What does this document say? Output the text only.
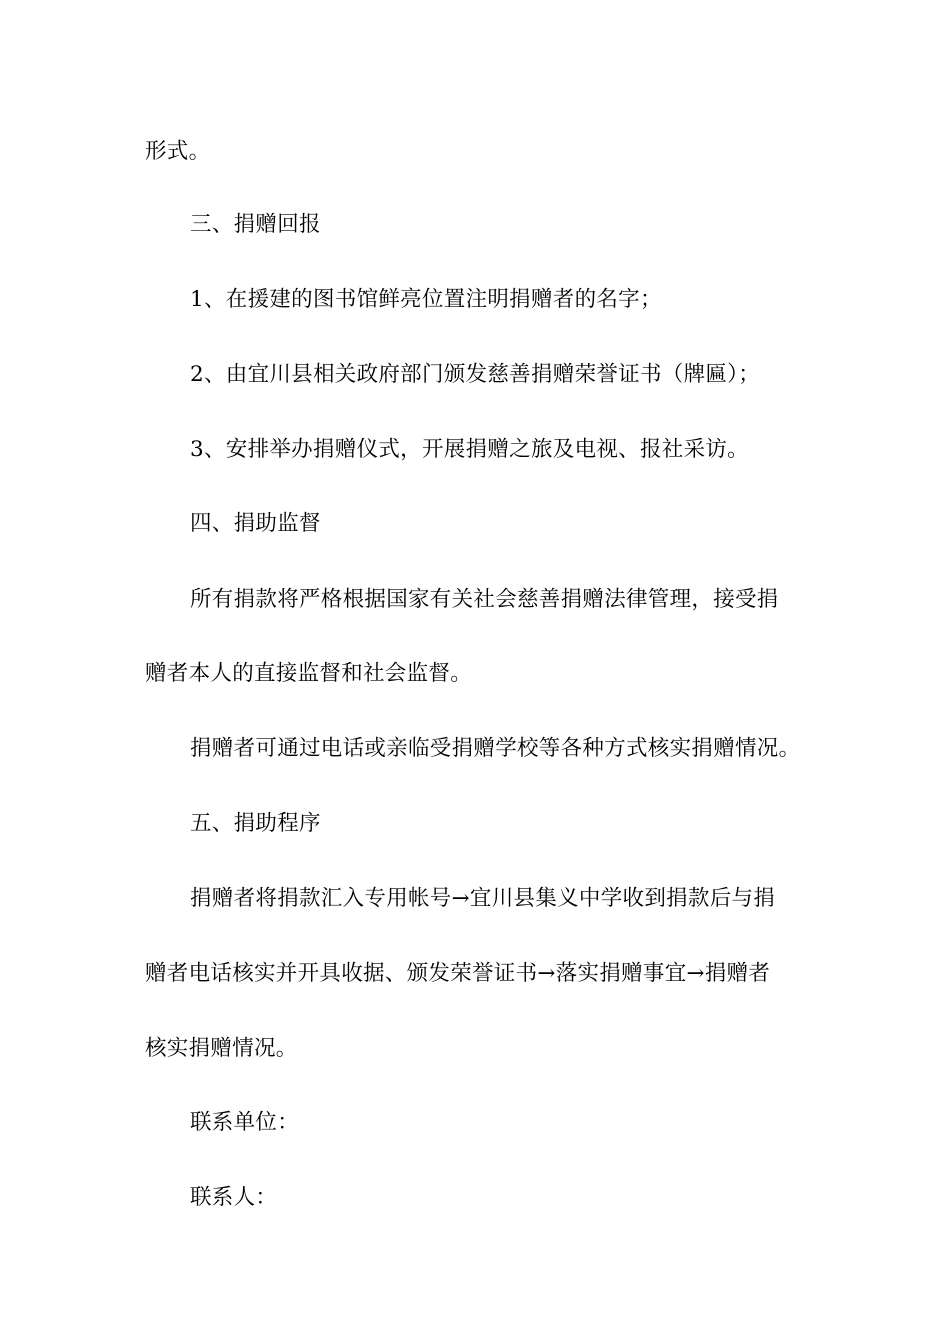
形式。
三、捐赠回报
1、在援建的图书馆鲜亮位置注明捐赠者的名字；
2、由宜川县相关政府部门颁发慈善捐赠荣誉证书（牌匾）；
3、安排举办捐赠仪式，开展捐赠之旅及电视、报社采访。
四、捐助监督
所有捐款将严格根据国家有关社会慈善捐赠法律管理，接受捐
赠者本人的直接监督和社会监督。
捐赠者可通过电话或亲临受捐赠学校等各种方式核实捐赠情况。
五、捐助程序
捐赠者将捐款汇入专用帐号→宜川县集义中学收到捐款后与捐
赠者电话核实并开具收据、颁发荣誉证书→落实捐赠事宜→捐赠者
核实捐赠情况。
联系单位：
联系人：
